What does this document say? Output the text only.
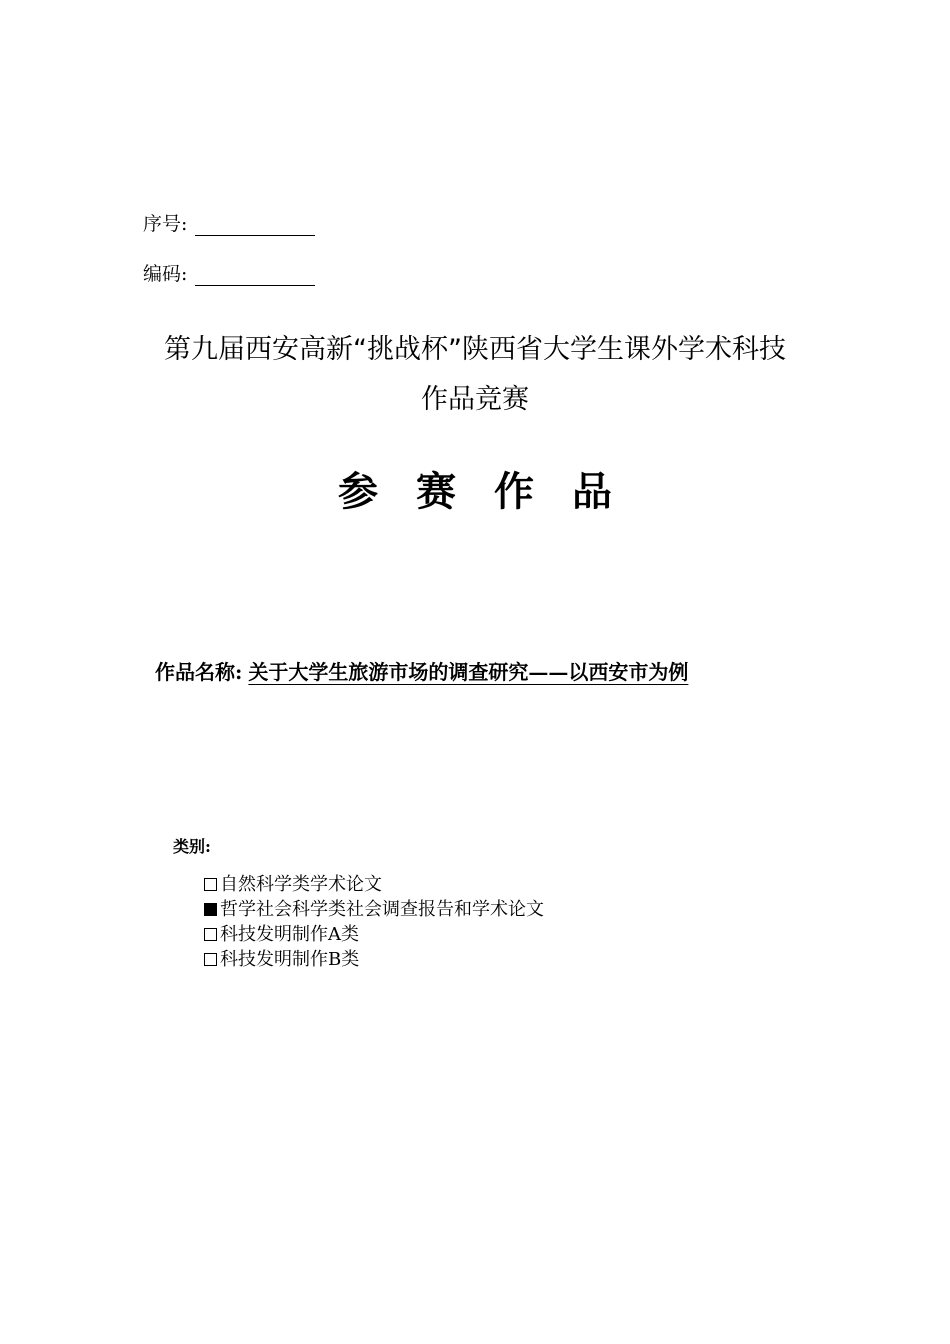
序号:
编码:
第九届西安高新“挑战杯”陕西省大学生课外学术科技
作品竞赛
参赛作品
作品名称: 关于大学生旅游市场的调查研究——以西安市为例
类别:
自然科学类学术论文
哲学社会科学类社会调查报告和学术论文
科技发明制作A类
科技发明制作B类
